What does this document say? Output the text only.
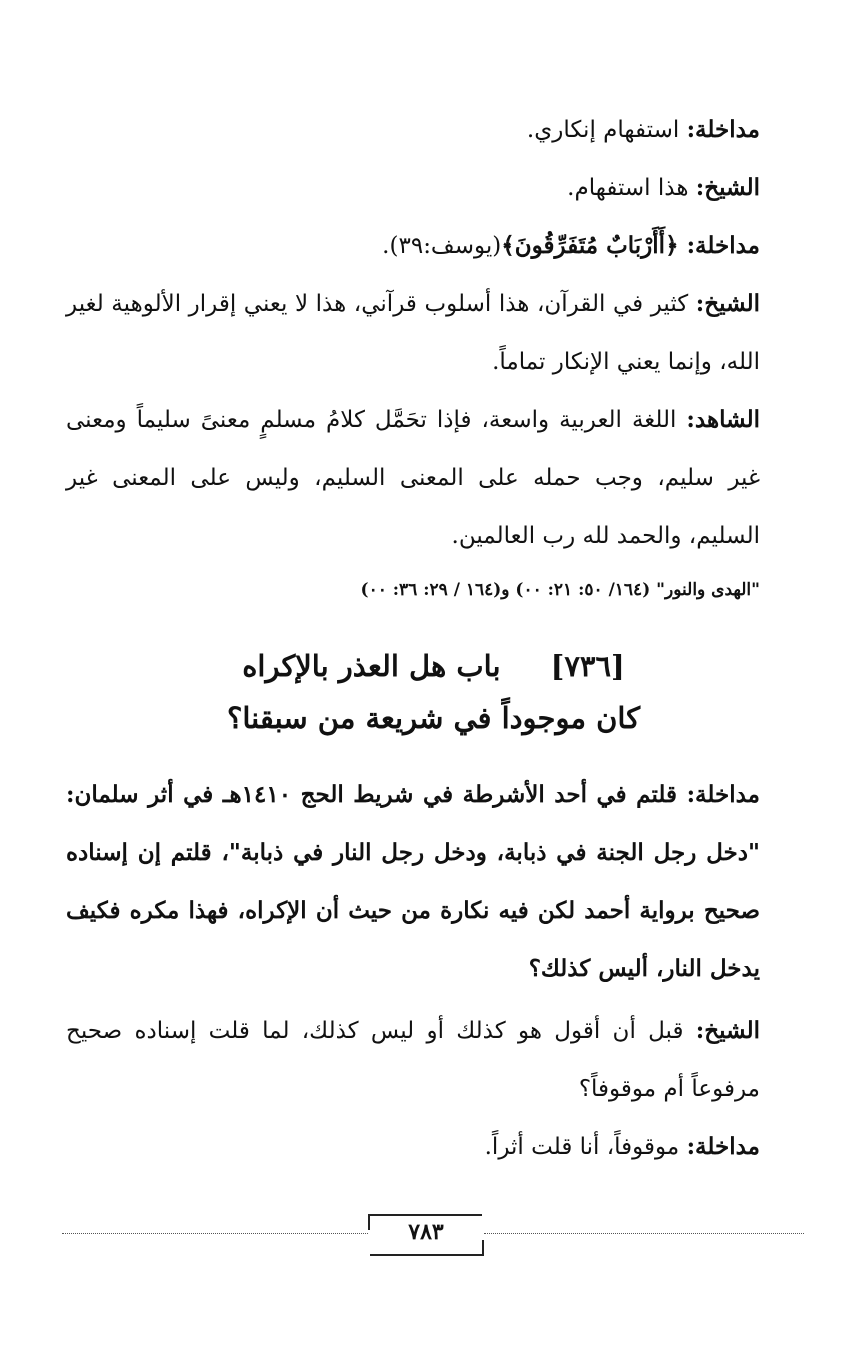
مداخلة: استفهام إنكاري.

الشيخ: هذا استفهام.

مداخلة: ﴿أَأَرْبَابٌ مُتَفَرِّقُونَ﴾(يوسف:٣٩).

الشيخ: كثير في القرآن، هذا أسلوب قرآني، هذا لا يعني إقرار الألوهية لغير الله، وإنما يعني الإنكار تماماً.

الشاهد: اللغة العربية واسعة، فإذا تحَمَّل كلامُ مسلمٍ معنىً سليماً ومعنى غير سليم، وجب حمله على المعنى السليم، وليس على المعنى غير السليم، والحمد لله رب العالمين.

"الهدى والنور" (١٦٤/ ٥٠: ٢١: ٠٠) و(١٦٤ / ٢٩: ٣٦: ٠٠)
[٧٣٦]باب هل العذر بالإكراه
كان موجوداً في شريعة من سبقنا؟

مداخلة: قلتم في أحد الأشرطة في شريط الحج ١٤١٠هـ في أثر سلمان: "دخل رجل الجنة في ذبابة، ودخل رجل النار في ذبابة"، قلتم إن إسناده صحيح برواية أحمد لكن فيه نكارة من حيث أن الإكراه، فهذا مكره فكيف يدخل النار، أليس كذلك؟

الشيخ: قبل أن أقول هو كذلك أو ليس كذلك، لما قلت إسناده صحيح مرفوعاً أم موقوفاً؟

مداخلة: موقوفاً، أنا قلت أثراً.

٧٨٣
